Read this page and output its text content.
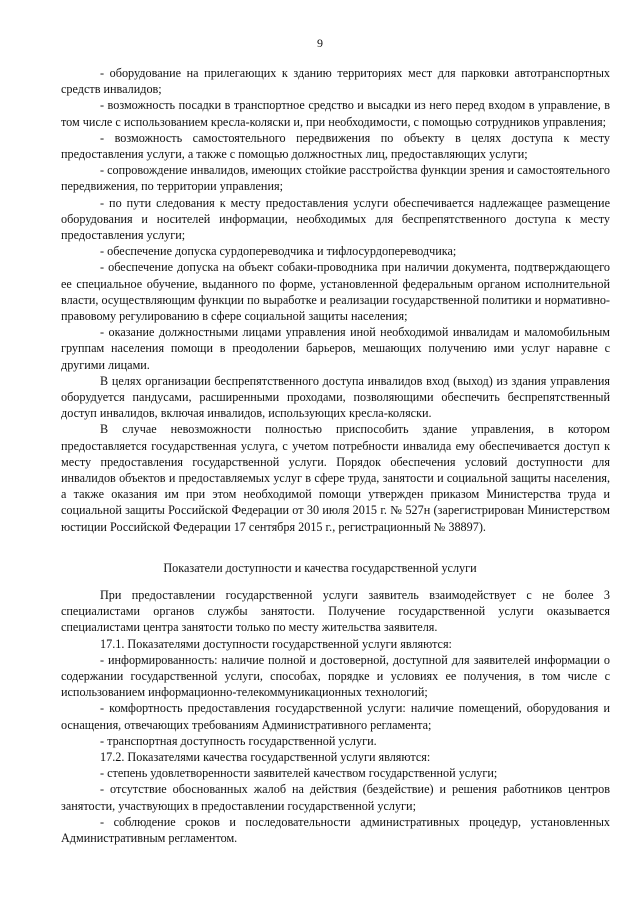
9

- оборудование на прилегающих к зданию территориях мест для парковки автотранспортных средств инвалидов;

- возможность посадки в транспортное средство и высадки из него перед входом в управление, в том числе с использованием кресла-коляски и, при необходимости, с помощью сотрудников управления;

- возможность самостоятельного передвижения по объекту в целях доступа к месту предоставления услуги, а также с помощью должностных лиц, предоставляющих услуги;

- сопровождение инвалидов, имеющих стойкие расстройства функции зрения и самостоятельного передвижения, по территории управления;

- по пути следования к месту предоставления услуги обеспечивается надлежащее размещение оборудования и носителей информации, необходимых для беспрепятственного доступа к месту предоставления услуги;

- обеспечение допуска сурдопереводчика и тифлосурдопереводчика;

- обеспечение допуска на объект собаки-проводника при наличии документа, подтверждающего ее специальное обучение, выданного по форме, установленной федеральным органом исполнительной власти, осуществляющим функции по выработке и реализации государственной политики и нормативно-правовому регулированию в сфере социальной защиты населения;

- оказание должностными лицами управления иной необходимой инвалидам и маломобильным группам населения помощи в преодолении барьеров, мешающих получению ими услуг наравне с другими лицами.

В целях организации беспрепятственного доступа инвалидов вход (выход) из здания управления оборудуется пандусами, расширенными проходами, позволяющими обеспечить беспрепятственный доступ инвалидов, включая инвалидов, использующих кресла-коляски.

В случае невозможности полностью приспособить здание управления, в котором предоставляется государственная услуга, с учетом потребности инвалида ему обеспечивается доступ к месту предоставления государственной услуги. Порядок обеспечения условий доступности для инвалидов объектов и предоставляемых услуг в сфере труда, занятости и социальной защиты населения, а также оказания им при этом необходимой помощи утвержден приказом Министерства труда и социальной защиты Российской Федерации от 30 июля 2015 г. № 527н (зарегистрирован Министерством юстиции Российской Федерации 17 сентября 2015 г., регистрационный № 38897).

Показатели доступности и качества государственной услуги

При предоставлении государственной услуги заявитель взаимодействует с не более 3 специалистами органов службы занятости. Получение государственной услуги оказывается специалистами центра занятости только по месту жительства заявителя.

17.1. Показателями доступности государственной услуги являются:

- информированность: наличие полной и достоверной, доступной для заявителей информации о содержании государственной услуги, способах, порядке и условиях ее получения, в том числе с использованием информационно-телекоммуникационных технологий;

- комфортность предоставления государственной услуги: наличие помещений, оборудования и оснащения, отвечающих требованиям Административного регламента;

- транспортная доступность государственной услуги.

17.2. Показателями качества государственной услуги являются:

- степень удовлетворенности заявителей качеством государственной услуги;

- отсутствие обоснованных жалоб на действия (бездействие) и решения работников центров занятости, участвующих в предоставлении государственной услуги;

- соблюдение сроков и последовательности административных процедур, установленных Административным регламентом.
